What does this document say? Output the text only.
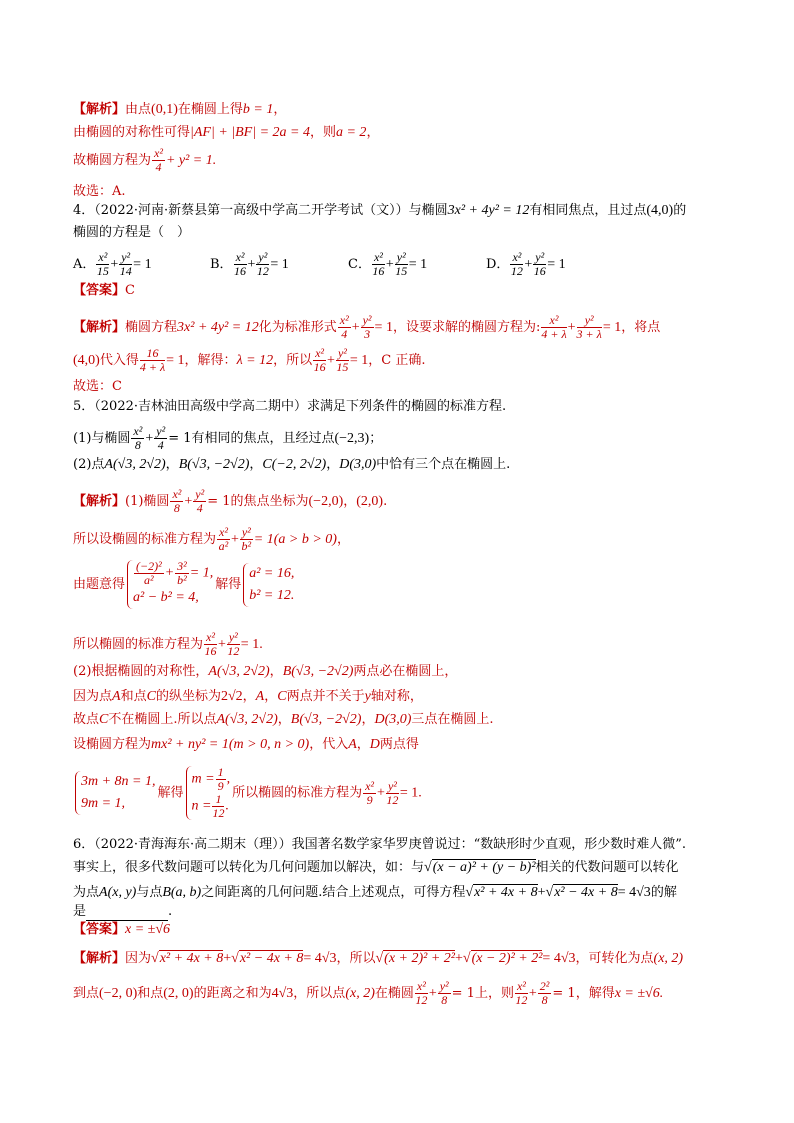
【解析】由点(0,1)在椭圆上得b = 1，
由椭圆的对称性可得|AF| + |BF| = 2a = 4，则a = 2，
故椭圆方程为 $\frac{\text{x²}}{4} + y^2 = 1$.
故选：A.
4．（2022·河南·新蔡县第一高级中学高二开学考试（文））与椭圆3x² + 4y² = 12有相同焦点，且过点(4,0)的
椭圆的方程是（　）
A． $\frac{\text{x²}}{15} + \frac{\text{y²}}{14} = 1$	B． $\frac{\text{x²}}{16} + \frac{\text{y²}}{12} = 1$	C． $\frac{\text{x²}}{16} + \frac{\text{y²}}{15} = 1$	D． $\frac{\text{x²}}{12} + \frac{\text{y²}}{16} = 1$
【答案】C
【解析】椭圆方程3x² + 4y² = 12化为标准形式 $\frac{\text{x²}}{4} + \frac{\text{y²}}{3} = 1$，设要求解的椭圆方程为: $\frac{\text{x²}}{4 + \lambda} + \frac{\text{y²}}{3 + \lambda} = 1$，将点
(4,0)代入得 $\frac{16}{4 + \lambda} = 1$，解得：λ = 12，所以 $\frac{\text{x²}}{16} + \frac{\text{y²}}{15} = 1$，C 正确.
故选：C
5．（2022·吉林油田高级中学高二期中）求满足下列条件的椭圆的标准方程.
(1)与椭圆 $\frac{\text{x²}}{8} + \frac{\text{y²}}{4} = 1$有相同的焦点，且经过点(−2,3)；
(2)点A(√3, 2√2)，B(√3, −2√2)，C(−2, 2√2)，D(3,0)中恰有三个点在椭圆上.
【解析】(1)椭圆 $\frac{\text{x²}}{8} + \frac{\text{y²}}{4} = 1$的焦点坐标为(−2,0)，(2,0).
所以设椭圆的标准方程为 $\frac{\text{x²}}{\text{a²}} + \frac{\text{y²}}{\text{b²}} = 1(a > b > 0)$，
由题意得 $\frac{\text{(−2)²}}{\text{a²}} + \frac{\text{3²}}{\text{b²}} = 1$,
a² − b² = 4,
解得
a² = 16,
b² = 12.
所以椭圆的标准方程为 $\frac{\text{x²}}{16} + \frac{\text{y²}}{12} = 1$.
(2)根据椭圆的对称性，A(√3, 2√2)，B(√3, −2√2)两点必在椭圆上，
因为点A和点C的纵坐标为2√2，A，C两点并不关于y轴对称，
故点C不在椭圆上.所以点A(√3, 2√2)，B(√3, −2√2)，D(3,0)三点在椭圆上.
设椭圆方程为mx² + ny² = 1(m > 0, n > 0)，代入A，D两点得
3m + 8n = 1,
9m = 1,
解得
$m = \frac{1}{9}$ ,
$n = \frac{1}{12}$ .
所以椭圆的标准方程为 $\frac{\text{x²}}{9} + \frac{\text{y²}}{12} = 1$.
6．（2022·青海海东·高二期末（理））我国著名数学家华罗庚曾说过：“数缺形时少直观，形少数时难人微”.
事实上，很多代数问题可以转化为几何问题加以解决，如：与√(x − a)² + (y − b)²相关的代数问题可以转化
为点A(x, y)与点B(a, b)之间距离的几何问题.结合上述观点，可得方程√x² + 4x + 8+√x² − 4x + 8= 4√3的解
是	.
【答案】x = ±√6
【解析】因为√x² + 4x + 8+√x² − 4x + 8= 4√3，所以√(x + 2)² + 2²+√(x − 2)² + 2²= 4√3，可转化为点(x, 2)
到点(−2, 0)和点(2, 0)的距离之和为4√3，所以点(x, 2)在椭圆 $\frac{\text{x²}}{12} + \frac{\text{y²}}{8} = 1$上，则 $\frac{\text{x²}}{12} + \frac{\text{2²}}{8} = 1$，解得x = ±√6.
